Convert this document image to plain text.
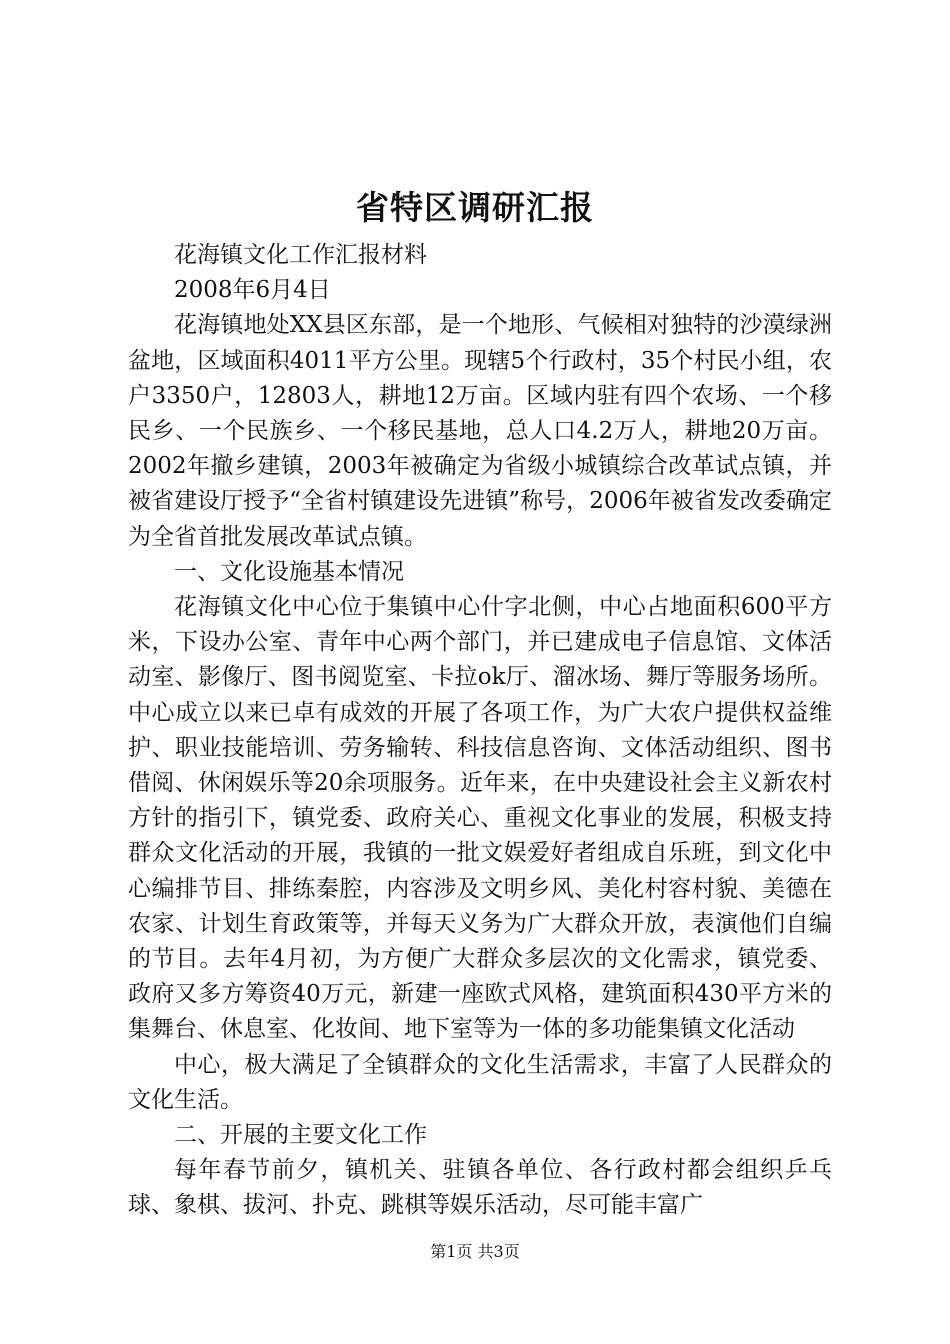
省特区调研汇报

花海镇文化工作汇报材料

2008年6月4日

花海镇地处XX县区东部，是一个地形、气候相对独特的沙漠绿洲盆地，区域面积4011平方公里。现辖5个行政村，35个村民小组，农户3350户，12803人，耕地12万亩。区域内驻有四个农场、一个移民乡、一个民族乡、一个移民基地，总人口4.2万人，耕地20万亩。2002年撤乡建镇，2003年被确定为省级小城镇综合改革试点镇，并被省建设厅授予“全省村镇建设先进镇”称号，2006年被省发改委确定为全省首批发展改革试点镇。

一、文化设施基本情况

花海镇文化中心位于集镇中心什字北侧，中心占地面积600平方米，下设办公室、青年中心两个部门，并已建成电子信息馆、文体活动室、影像厅、图书阅览室、卡拉ok厅、溜冰场、舞厅等服务场所。中心成立以来已卓有成效的开展了各项工作，为广大农户提供权益维护、职业技能培训、劳务输转、科技信息咨询、文体活动组织、图书借阅、休闲娱乐等20余项服务。近年来，在中央建设社会主义新农村方针的指引下，镇党委、政府关心、重视文化事业的发展，积极支持群众文化活动的开展，我镇的一批文娱爱好者组成自乐班，到文化中心编排节目、排练秦腔，内容涉及文明乡风、美化村容村貌、美德在农家、计划生育政策等，并每天义务为广大群众开放，表演他们自编的节目。去年4月初，为方便广大群众多层次的文化需求，镇党委、政府又多方筹资40万元，新建一座欧式风格，建筑面积430平方米的集舞台、休息室、化妆间、地下室等为一体的多功能集镇文化活动

中心，极大满足了全镇群众的文化生活需求，丰富了人民群众的文化生活。

二、开展的主要文化工作

每年春节前夕，镇机关、驻镇各单位、各行政村都会组织乒乓球、象棋、拔河、扑克、跳棋等娱乐活动，尽可能丰富广

第1页 共3页
